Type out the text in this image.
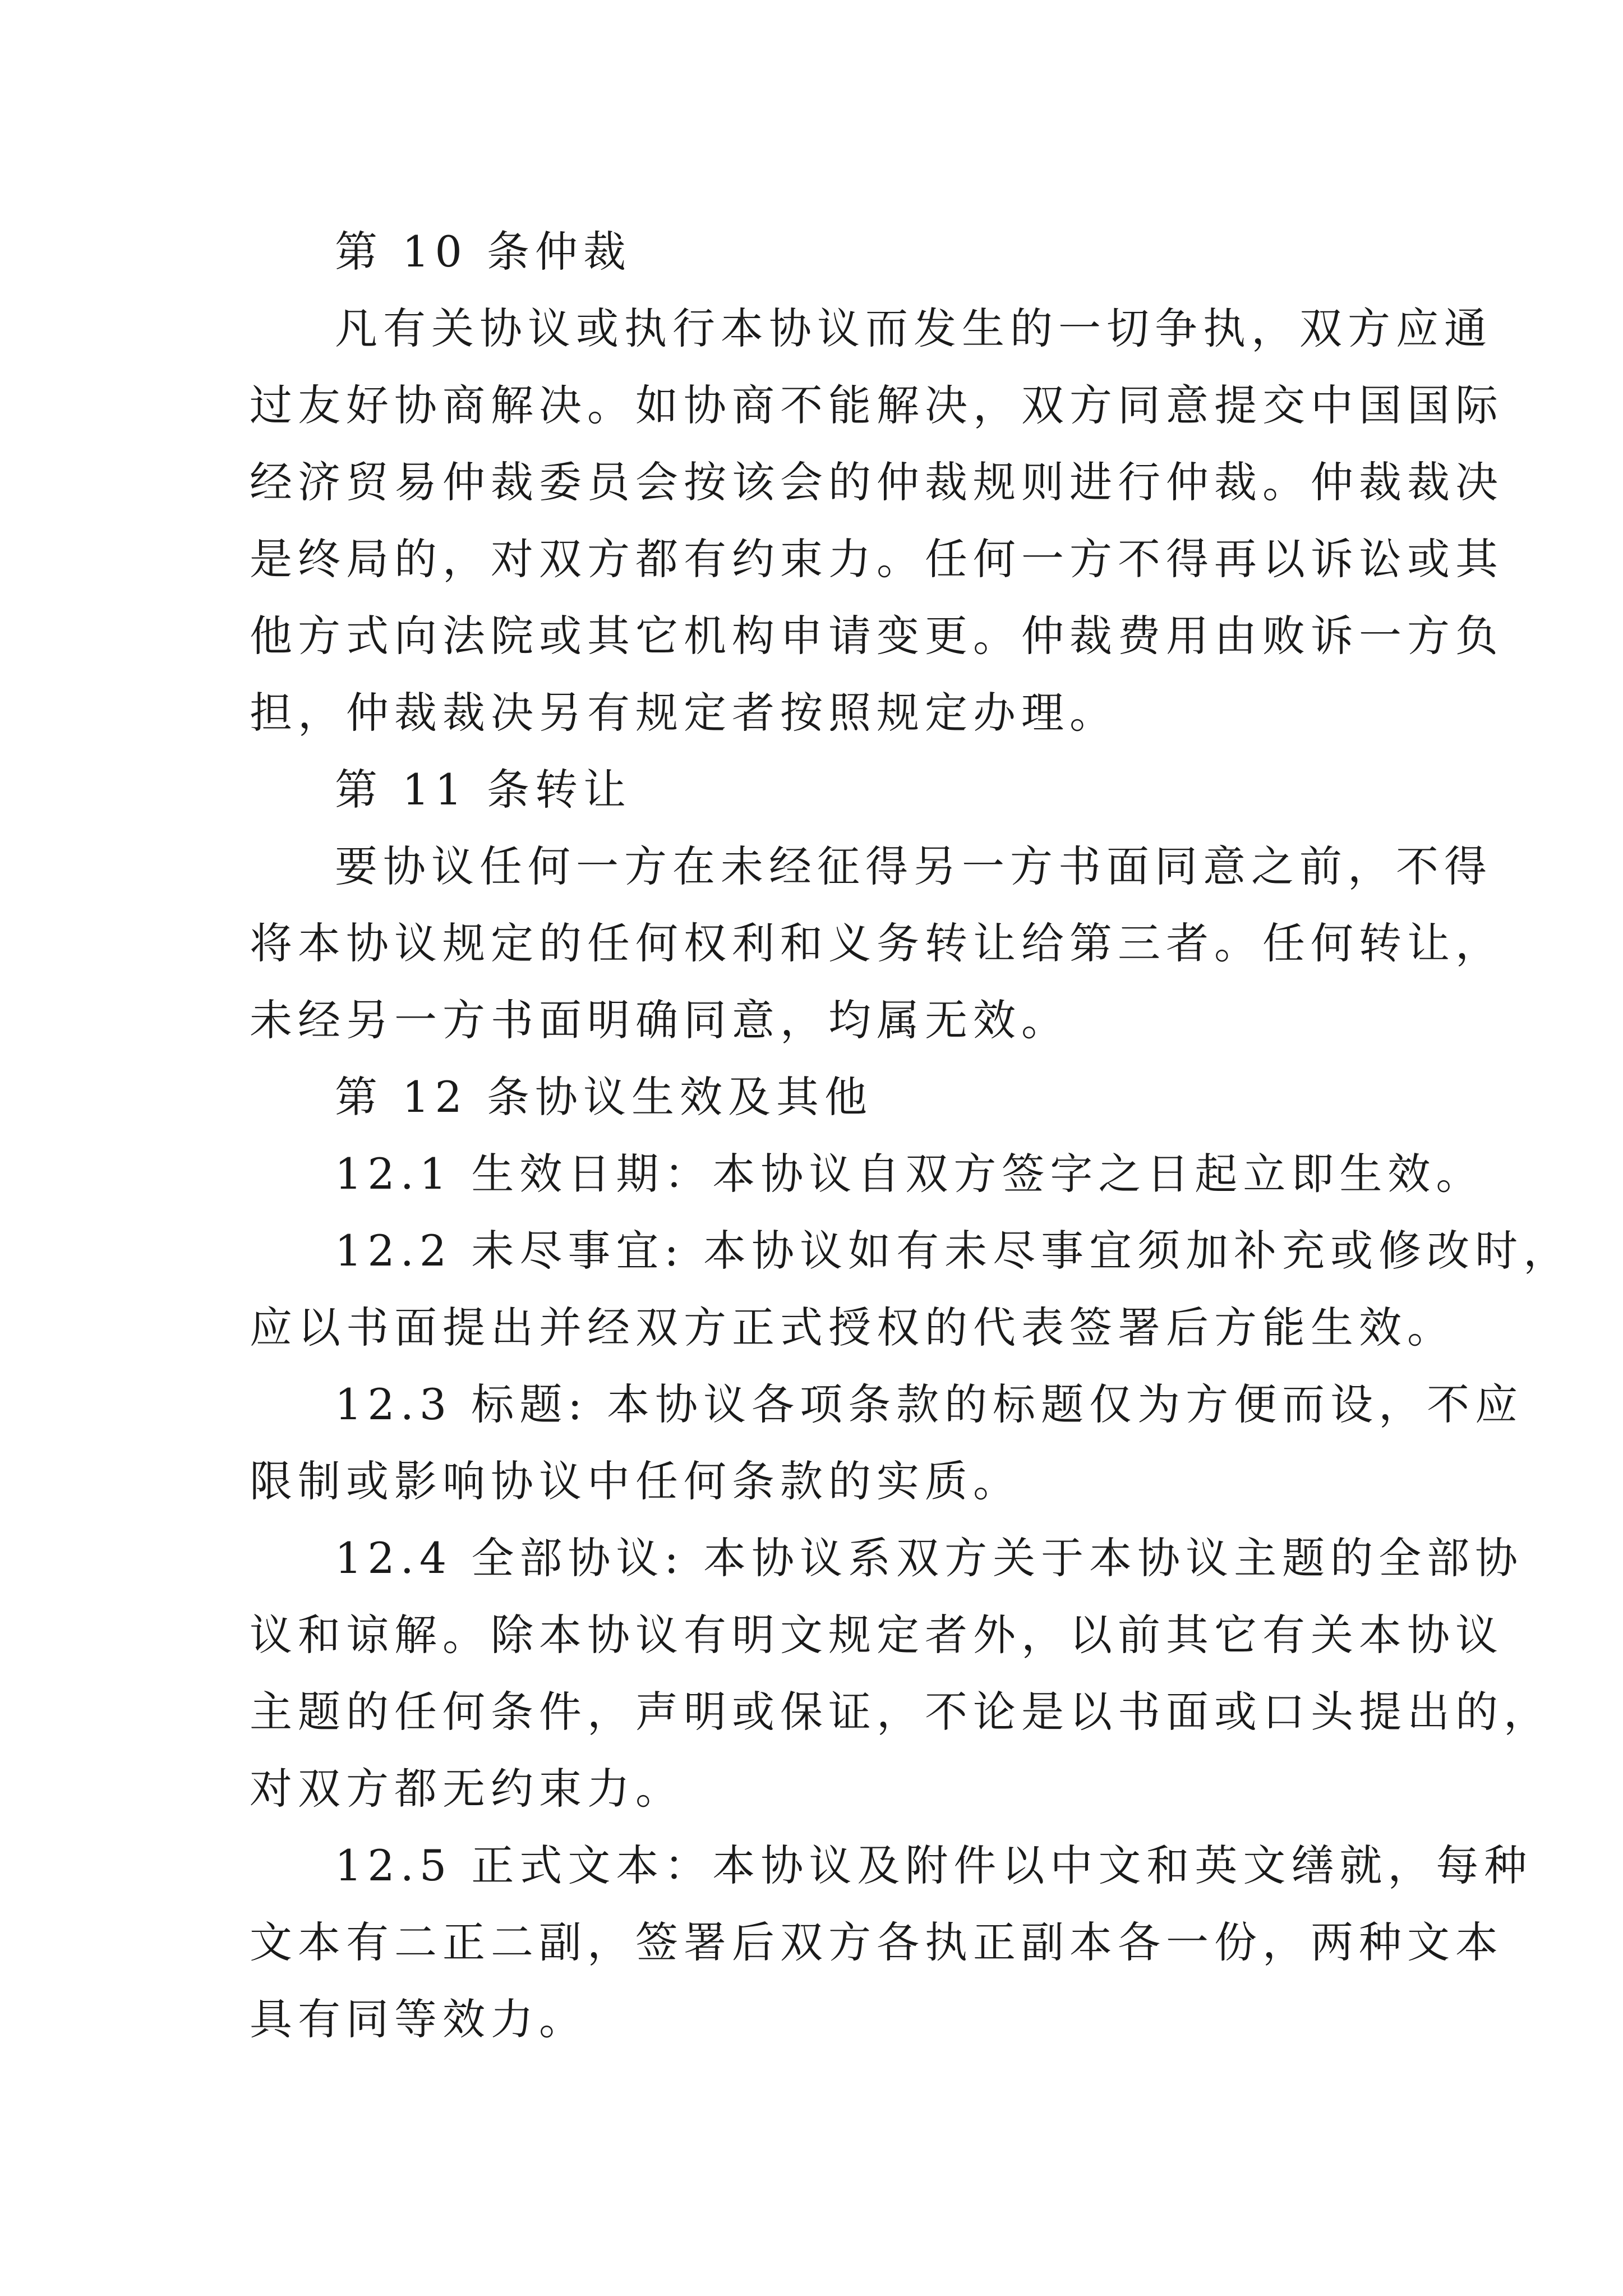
第 10 条仲裁
凡有关协议或执行本协议而发生的一切争执，双方应通
过友好协商解决。如协商不能解决，双方同意提交中国国际
经济贸易仲裁委员会按该会的仲裁规则进行仲裁。仲裁裁决
是终局的，对双方都有约束力。任何一方不得再以诉讼或其
他方式向法院或其它机构申请变更。仲裁费用由败诉一方负
担，仲裁裁决另有规定者按照规定办理。
第 11 条转让
要协议任何一方在未经征得另一方书面同意之前，不得
将本协议规定的任何权利和义务转让给第三者。任何转让，
未经另一方书面明确同意，均属无效。
第 12 条协议生效及其他
12.1 生效日期：本协议自双方签字之日起立即生效。
12.2 未尽事宜: 本协议如有未尽事宜须加补充或修改时，
应以书面提出并经双方正式授权的代表签署后方能生效。
12.3 标题: 本协议各项条款的标题仅为方便而设，不应
限制或影响协议中任何条款的实质。
12.4 全部协议: 本协议系双方关于本协议主题的全部协
议和谅解。除本协议有明文规定者外，以前其它有关本协议
主题的任何条件，声明或保证，不论是以书面或口头提出的，
对双方都无约束力。
12.5 正式文本：本协议及附件以中文和英文缮就，每种
文本有二正二副，签署后双方各执正副本各一份，两种文本
具有同等效力。
